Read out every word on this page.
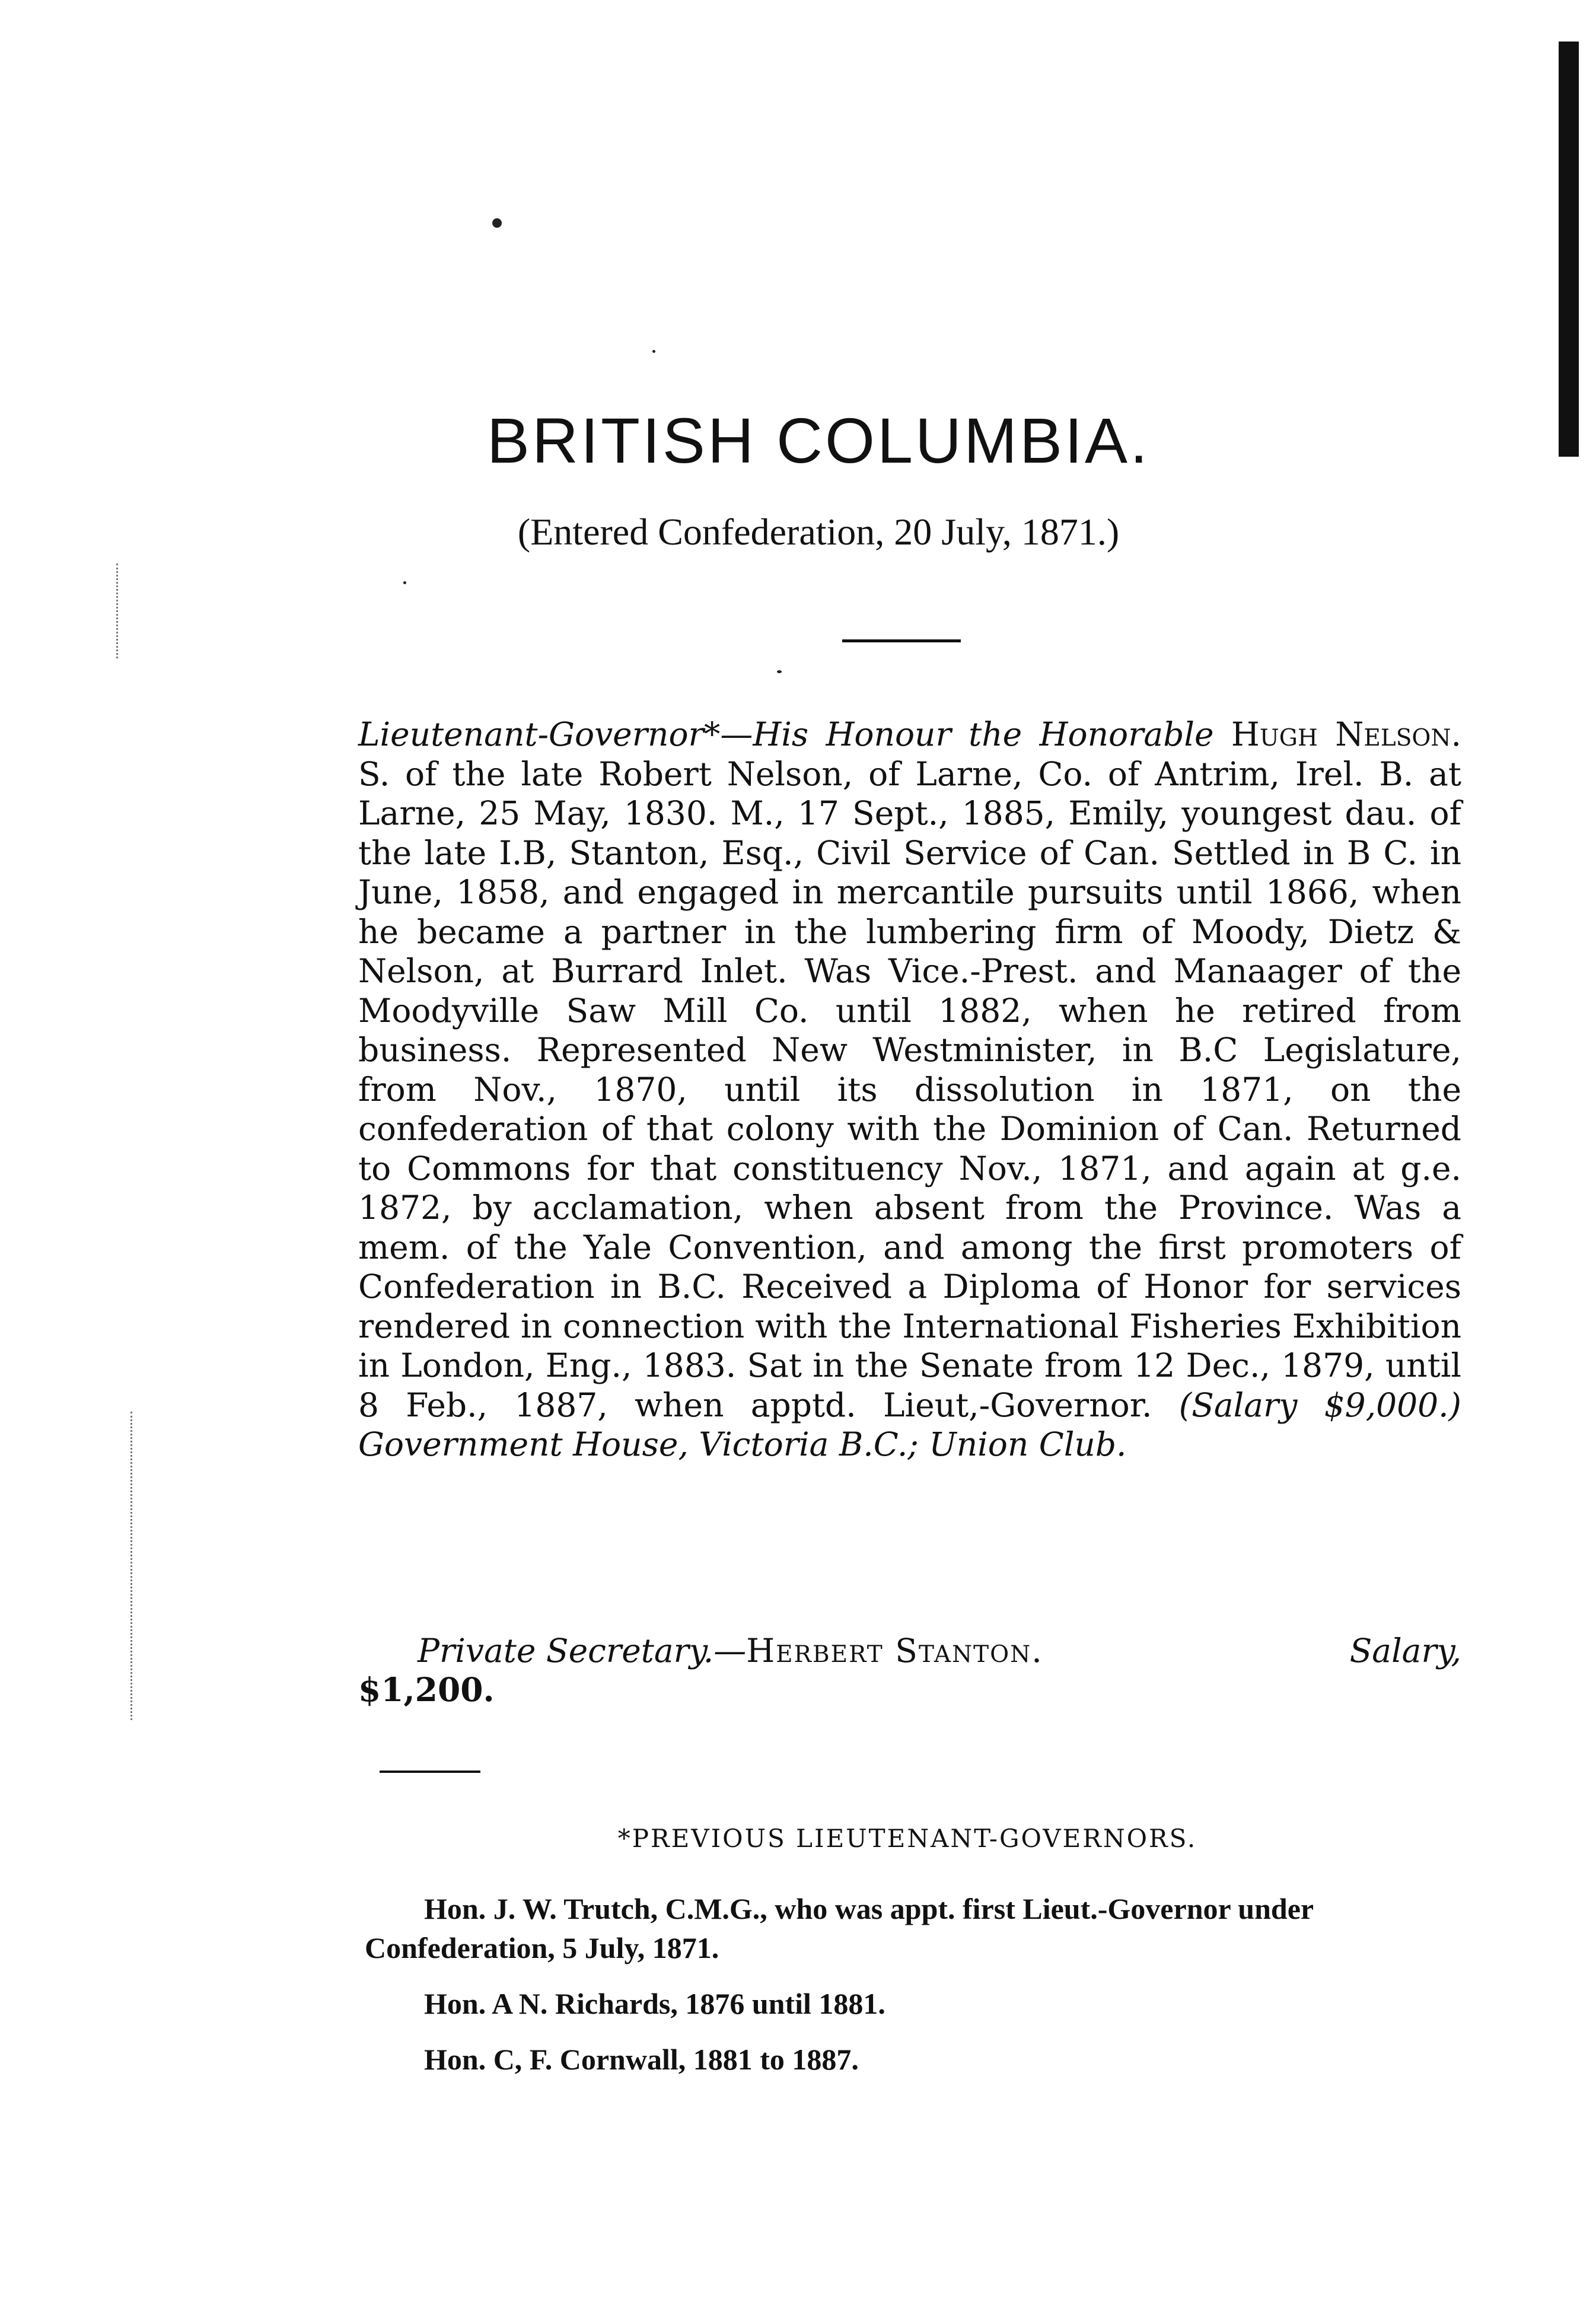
BRITISH COLUMBIA.

(Entered Confederation, 20 July, 1871.)

Lieutenant-Governor*—His Honour the Honorable Hugh Nelson. S. of the late Robert Nelson, of Larne, Co. of Antrim, Irel. B. at Larne, 25 May, 1830. M., 17 Sept., 1885, Emily, youngest dau. of the late I.B, Stanton, Esq., Civil Service of Can. Settled in B C. in June, 1858, and engaged in mercantile pursuits until 1866, when he became a partner in the lumbering firm of Moody, Dietz & Nelson, at Burrard Inlet. Was Vice.-Prest. and Manaager of the Moodyville Saw Mill Co. until 1882, when he retired from business. Represented New Westminister, in B.C Legislature, from Nov., 1870, until its dissolution in 1871, on the confederation of that colony with the Dominion of Can. Returned to Commons for that constituency Nov., 1871, and again at g.e. 1872, by acclamation, when absent from the Province. Was a mem. of the Yale Convention, and among the first promoters of Confederation in B.C. Received a Diploma of Honor for services rendered in connection with the International Fisheries Exhibition in London, Eng., 1883. Sat in the Senate from 12 Dec., 1879, until 8 Feb., 1887, when apptd. Lieut,-Governor. (Salary $9,000.) Government House, Victoria B.C.; Union Club.

Private Secretary.—Herbert Stanton.	Salary,

$1,200.

*PREVIOUS LIEUTENANT-GOVERNORS.

Hon. J. W. Trutch, C.M.G., who was appt. first Lieut.-Governor under Confederation, 5 July, 1871.
Hon. A N. Richards, 1876 until 1881.
Hon. C, F. Cornwall, 1881 to 1887.
